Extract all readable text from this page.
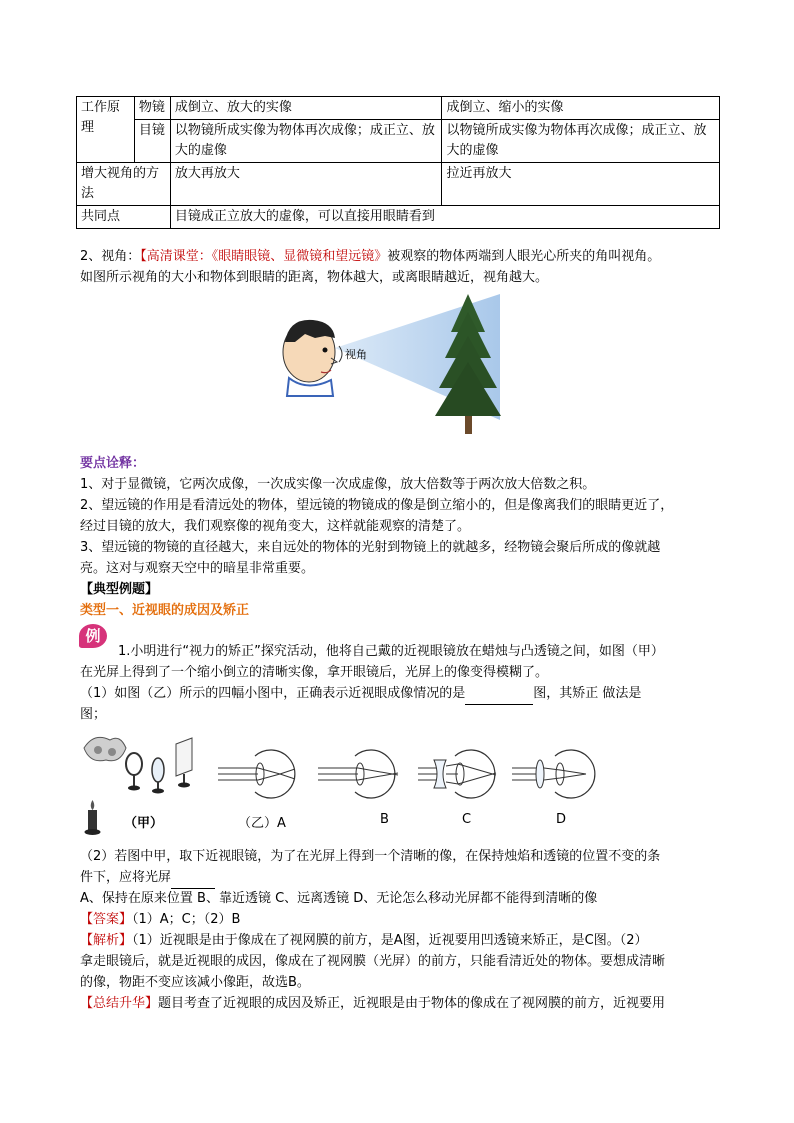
工作原理	物镜	成倒立、放大的实像	成倒立、缩小的实像
	目镜	以物镜所成实像为物体再次成像；成正立、放大的虚像	以物镜所成实像为物体再次成像；成正立、放大的虚像
增大视角的方法		放大再放大	拉近再放大
共同点		目镜成正立放大的虚像，可以直接用眼睛看到	
2、视角：【高清课堂：《眼睛眼镜、显微镜和望远镜》被观察的物体两端到人眼光心所夹的角叫视角。
如图所示视角的大小和物体到眼睛的距离，物体越大，或离眼睛越近，视角越大。
视角
要点诠释：
1、对于显微镜，它两次成像，一次成实像一次成虚像，放大倍数等于两次放大倍数之积。
2、望远镜的作用是看清远处的物体，望远镜的物镜成的像是倒立缩小的，但是像离我们的眼睛更近了，
经过目镜的放大，我们观察像的视角变大，这样就能观察的清楚了。
3、望远镜的物镜的直径越大，来自远处的物体的光射到物镜上的就越多，经物镜会聚后所成的像就越
亮。这对与观察天空中的暗星非常重要。
【典型例题】
类型一、近视眼的成因及矫正
例
1.小明进行“视力的矫正”探究活动，他将自己戴的近视眼镜放在蜡烛与凸透镜之间，如图（甲）
在光屏上得到了一个缩小倒立的清晰实像，拿开眼镜后，光屏上的像变得模糊了。
（1）如图（乙）所示的四幅小图中，正确表示近视眼成像情况的是	图，其矫正 做法是
图；
（甲）	（乙）A	B	C	D
（2）若图中甲，取下近视眼镜，为了在光屏上得到一个清晰的像，在保持烛焰和透镜的位置不变的条
件下，应将光屏
A、保持在原来位置 B、靠近透镜 C、远离透镜 D、无论怎么移动光屏都不能得到清晰的像
【答案】（1）A；C；（2）B
【解析】（1）近视眼是由于像成在了视网膜的前方，是A图，近视要用凹透镜来矫正，是C图。（2）
拿走眼镜后，就是近视眼的成因，像成在了视网膜（光屏）的前方，只能看清近处的物体。要想成清晰
的像，物距不变应该减小像距，故选B。
【总结升华】题目考查了近视眼的成因及矫正，近视眼是由于物体的像成在了视网膜的前方，近视要用
